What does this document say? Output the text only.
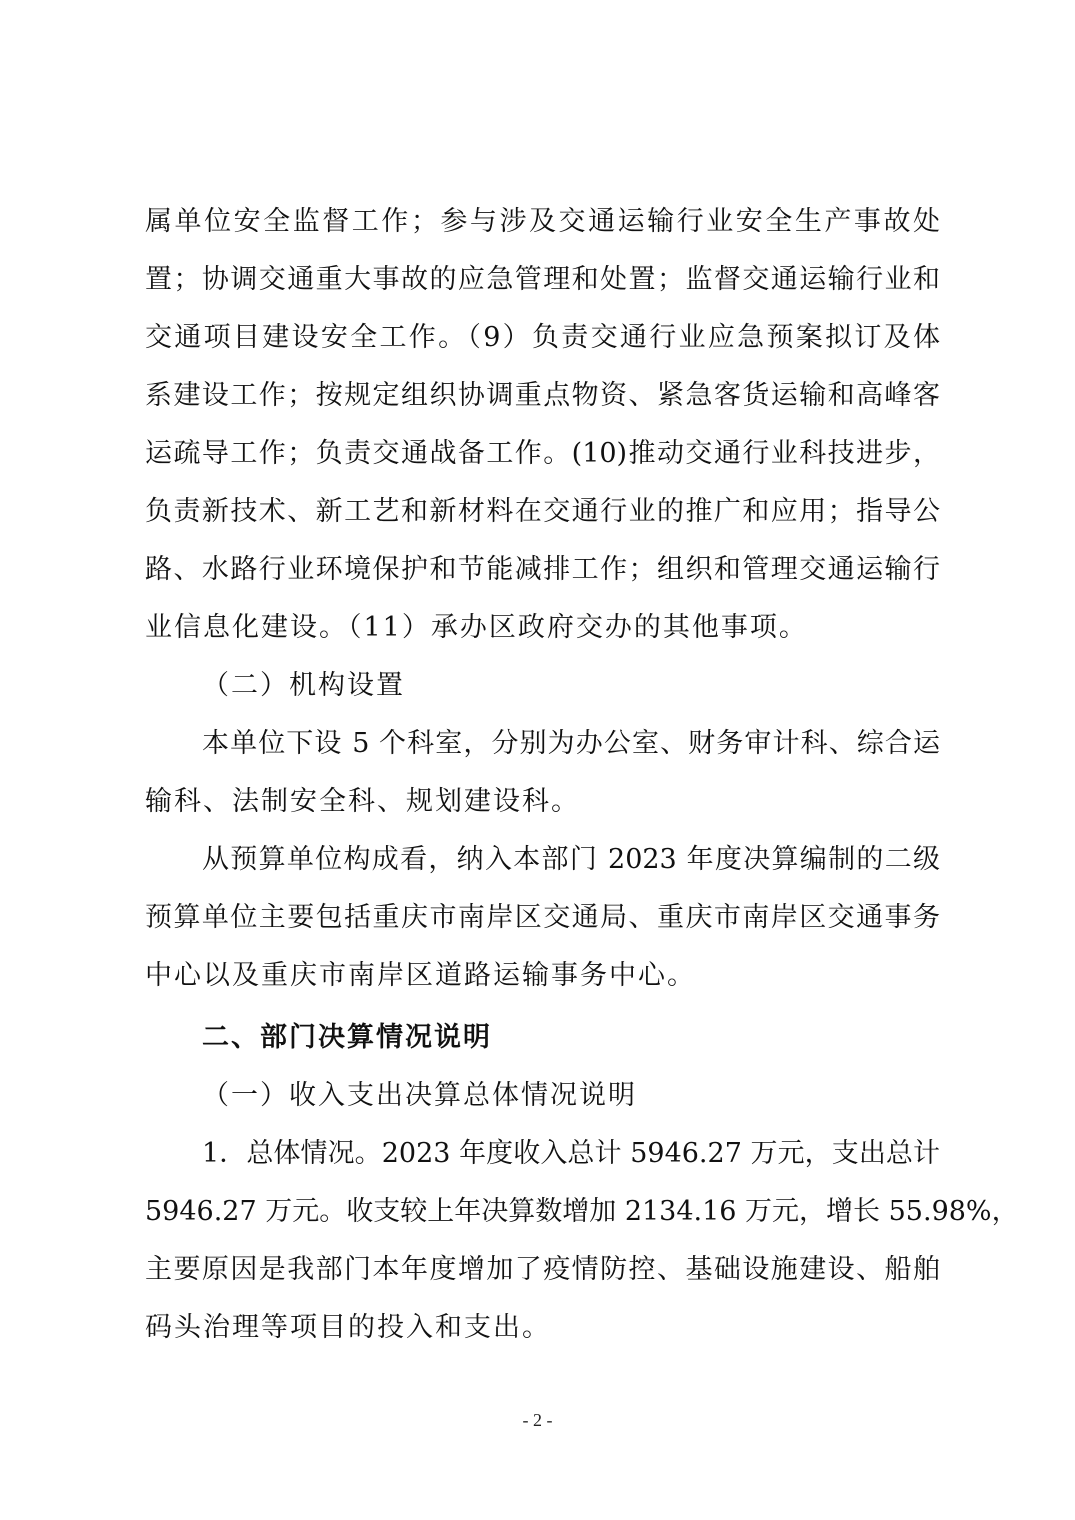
属单位安全监督工作；参与涉及交通运输行业安全生产事故处
置；协调交通重大事故的应急管理和处置；监督交通运输行业和
交通项目建设安全工作。（9）负责交通行业应急预案拟订及体
系建设工作；按规定组织协调重点物资、紧急客货运输和高峰客
运疏导工作；负责交通战备工作。(10)推动交通行业科技进步，
负责新技术、新工艺和新材料在交通行业的推广和应用；指导公
路、水路行业环境保护和节能减排工作；组织和管理交通运输行
业信息化建设。（11）承办区政府交办的其他事项。
（二）机构设置
本单位下设 5 个科室，分别为办公室、财务审计科、综合运
输科、法制安全科、规划建设科。
从预算单位构成看，纳入本部门 2023 年度决算编制的二级
预算单位主要包括重庆市南岸区交通局、重庆市南岸区交通事务
中心以及重庆市南岸区道路运输事务中心。
二、部门决算情况说明
（一）收入支出决算总体情况说明
1．总体情况。2023 年度收入总计 5946.27 万元，支出总计
5946.27 万元。收支较上年决算数增加 2134.16 万元，增长 55.98%，
主要原因是我部门本年度增加了疫情防控、基础设施建设、船舶
码头治理等项目的投入和支出。
- 2 -
